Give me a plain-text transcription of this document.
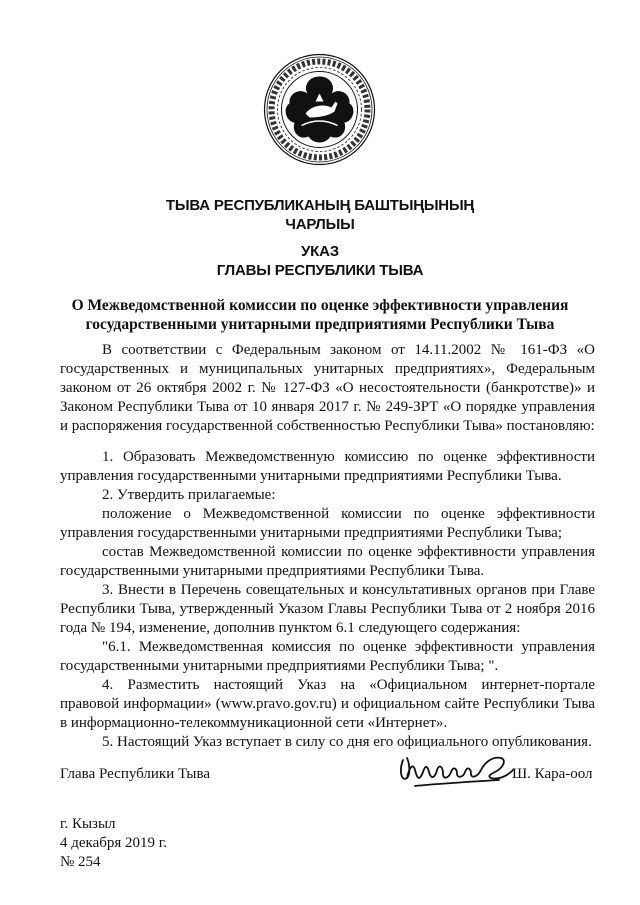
ТЫВА РЕСПУБЛИКАНЫҢ БАШТЫҢЫНЫҢ
ЧАРЛЫЫ
УКАЗ
ГЛАВЫ РЕСПУБЛИКИ ТЫВА
О Межведомственной комиссии по оценке эффективности управления
государственными унитарными предприятиями Республики Тыва

В соответствии с Федеральным законом от 14.11.2002 № 161-ФЗ «О государственных и муниципальных унитарных предприятиях», Федеральным законом от 26 октября 2002 г. № 127-ФЗ «О несостоятельности (банкротстве)» и Законом Республики Тыва от 10 января 2017 г. № 249-ЗРТ «О порядке управления и распоряжения государственной собственностью Республики Тыва» постановляю:

1. Образовать Межведомственную комиссию по оценке эффективности управления государственными унитарными предприятиями Республики Тыва.

2. Утвердить прилагаемые:

положение о Межведомственной комиссии по оценке эффективности управления государственными унитарными предприятиями Республики Тыва;

состав Межведомственной комиссии по оценке эффективности управления государственными унитарными предприятиями Республики Тыва.

3. Внести в Перечень совещательных и консультативных органов при Главе Республики Тыва, утвержденный Указом Главы Республики Тыва от 2 ноября 2016 года № 194, изменение, дополнив пунктом 6.1 следующего содержания:

"6.1. Межведомственная комиссия по оценке эффективности управления государственными унитарными предприятиями Республики Тыва; ".

4. Разместить настоящий Указ на «Официальном интернет-портале правовой информации» (www.pravo.gov.ru) и официальном сайте Республики Тыва в информационно-телекоммуникационной сети «Интернет».

5. Настоящий Указ вступает в силу со дня его официального опубликования.

Глава Республики Тыва	Ш. Кара-оол
г. Кызыл
4 декабря 2019 г.
№ 254
